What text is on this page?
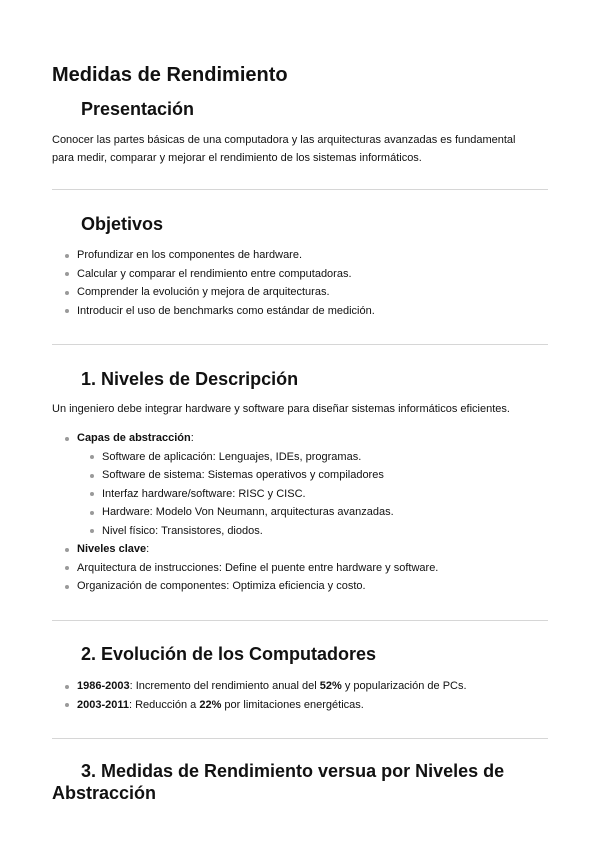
Medidas de Rendimiento
Presentación

Conocer las partes básicas de una computadora y las arquitecturas avanzadas es fundamental
para medir, comparar y mejorar el rendimiento de los sistemas informáticos.

Objetivos
Profundizar en los componentes de hardware.
Calcular y comparar el rendimiento entre computadoras.
Comprender la evolución y mejora de arquitecturas.
Introducir el uso de benchmarks como estándar de medición.
1. Niveles de Descripción

Un ingeniero debe integrar hardware y software para diseñar sistemas informáticos eficientes.

Capas de abstracción:
Software de aplicación: Lenguajes, IDEs, programas.
Software de sistema: Sistemas operativos y compiladores
Interfaz hardware/software: RISC y CISC.
Hardware: Modelo Von Neumann, arquitecturas avanzadas.
Nivel físico: Transistores, diodos.
Niveles clave:
Arquitectura de instrucciones: Define el puente entre hardware y software.
Organización de componentes: Optimiza eficiencia y costo.
2. Evolución de los Computadores
1986-2003: Incremento del rendimiento anual del 52% y popularización de PCs.
2003-2011: Reducción a 22% por limitaciones energéticas.
3. Medidas de Rendimiento versua por Niveles de Abstracción
